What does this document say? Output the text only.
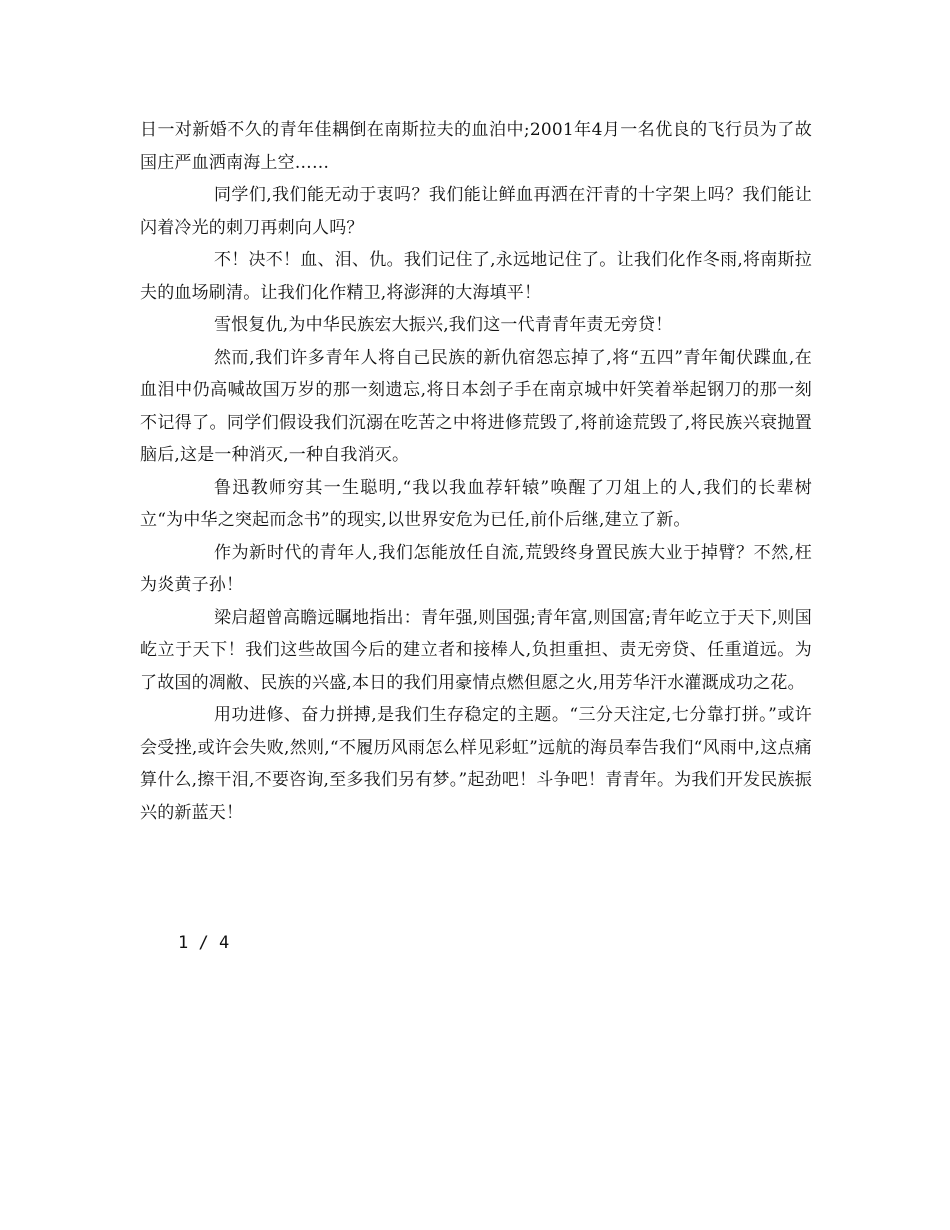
日一对新婚不久的青年佳耦倒在南斯拉夫的血泊中;2001年4月一名优良的飞行员为了故国庄严血洒南海上空……

同学们,我们能无动于衷吗？我们能让鲜血再洒在汗青的十字架上吗？我们能让闪着冷光的刺刀再刺向人吗？

不！决不！血、泪、仇。我们记住了,永远地记住了。让我们化作冬雨,将南斯拉夫的血场刷清。让我们化作精卫,将澎湃的大海填平！

雪恨复仇,为中华民族宏大振兴,我们这一代青青年责无旁贷！

然而,我们许多青年人将自己民族的新仇宿怨忘掉了,将“五四”青年匍伏蹀血,在血泪中仍高喊故国万岁的那一刻遗忘,将日本刽子手在南京城中奸笑着举起钢刀的那一刻不记得了。同学们假设我们沉溺在吃苦之中将进修荒毁了,将前途荒毁了,将民族兴衰抛置脑后,这是一种消灭,一种自我消灭。

鲁迅教师穷其一生聪明,“我以我血荐轩辕”唤醒了刀俎上的人,我们的长辈树立“为中华之突起而念书”的现实,以世界安危为已任,前仆后继,建立了新。

作为新时代的青年人,我们怎能放任自流,荒毁终身置民族大业于掉臂？不然,枉为炎黄子孙！

梁启超曾高瞻远瞩地指出：青年强,则国强;青年富,则国富;青年屹立于天下,则国屹立于天下！我们这些故国今后的建立者和接棒人,负担重担、责无旁贷、任重道远。为了故国的凋敝、民族的兴盛,本日的我们用豪情点燃但愿之火,用芳华汗水灌溉成功之花。

用功进修、奋力拼搏,是我们生存稳定的主题。“三分天注定,七分靠打拼。”或许会受挫,或许会失败,然则,“不履历风雨怎么样见彩虹”远航的海员奉告我们“风雨中,这点痛算什么,擦干泪,不要咨询,至多我们另有梦。”起劲吧！斗争吧！青青年。为我们开发民族振兴的新蓝天！

1 / 4
